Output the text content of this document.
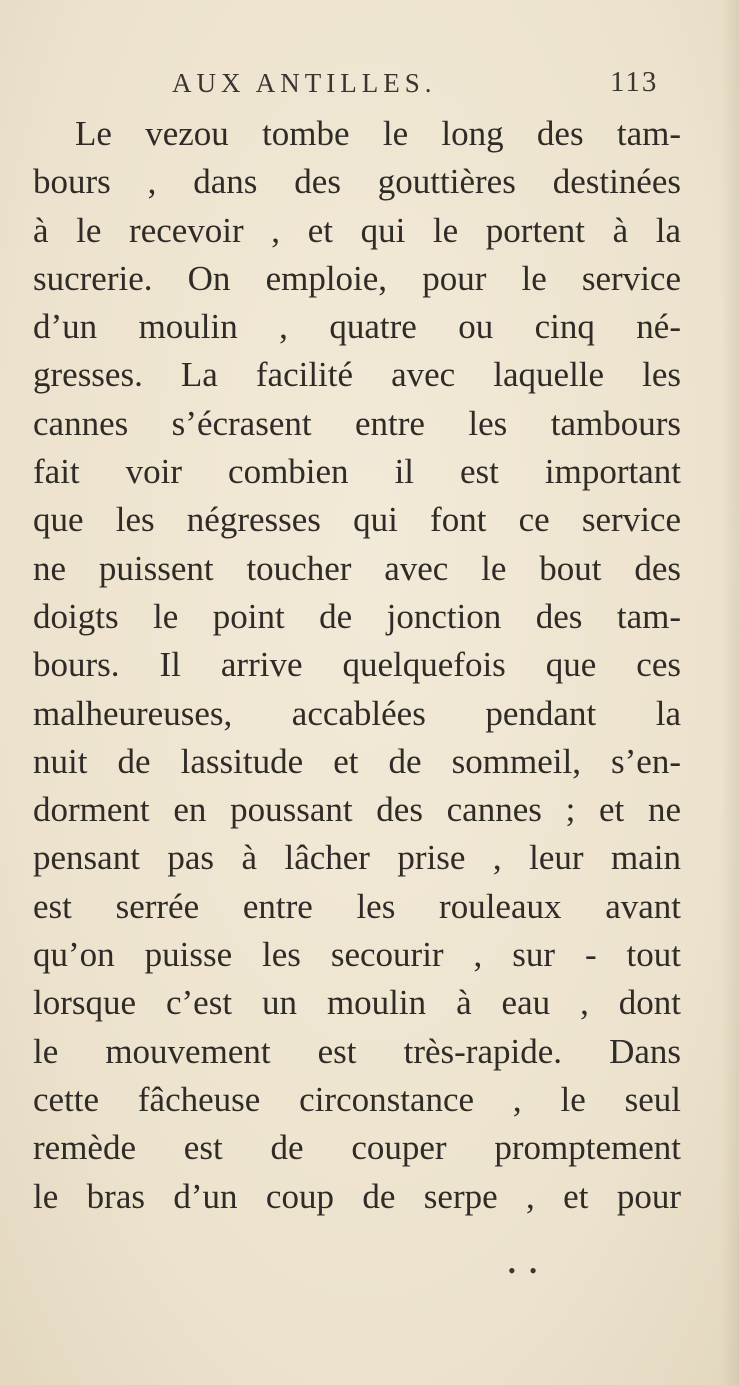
AUX ANTILLES.	113
Le vezou tombe le long des tam-
bours , dans des gouttières destinées
à le recevoir , et qui le portent à la
sucrerie. On emploie, pour le service
d’un moulin , quatre ou cinq né-
gresses. La facilité avec laquelle les
cannes s’écrasent entre les tambours
fait voir combien il est important
que les négresses qui font ce service
ne puissent toucher avec le bout des
doigts le point de jonction des tam-
bours. Il arrive quelquefois que ces
malheureuses, accablées pendant la
nuit de lassitude et de sommeil, s’en-
dorment en poussant des cannes ; et ne
pensant pas à lâcher prise , leur main
est serrée entre les rouleaux avant
qu’on puisse les secourir , sur - tout
lorsque c’est un moulin à eau , dont
le mouvement est très-rapide. Dans
cette fâcheuse circonstance , le seul
remède est de couper promptement
le bras d’un coup de serpe , et pour
• •
